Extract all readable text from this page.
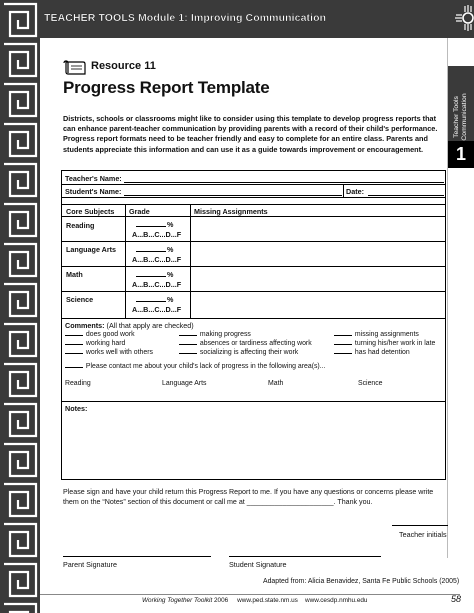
TEACHER TOOLS Module 1: Improving Communication
Teacher Tools Communication
1
Resource 11
Progress Report Template

Districts, schools or classrooms might like to consider using this template to develop progress reports that can enhance parent-teacher communication by providing parents with a record of their child's performance.

Progress report formats need to be teacher friendly and easy to complete for an entire class. Parents and students appreciate this information and can use it as a guide towards improvement or encouragement.

Teacher's Name:
Student's Name:	Date:
Core Subjects Grade	Missing Assignments
Reading	%
A...B...C...D...F
Language Arts	%
A...B...C...D...F
Math	%
A...B...C...D...F
Science	%
A...B...C...D...F
Comments: (All that apply are checked)
does good work	making progress	missing assignments
working hard	absences or tardiness affecting work	turning his/her work in late
works well with others	socializing is affecting their work	has had detention
Please contact me about your child's lack of progress in the following area(s)...
Reading	Language Arts	Math	Science
Notes:
Please sign and have your child return this Progress Report to me. If you have any questions or concerns please write them on the “Notes” section of this document or call me at ______________________. Thank you.
Teacher initials
Parent Signature	Student Signature
Adapted from: Alicia Benavidez, Santa Fe Public Schools (2005)
Working Together Toolkit 2006 www.ped.state.nm.us www.cesdp.nmhu.edu	58
